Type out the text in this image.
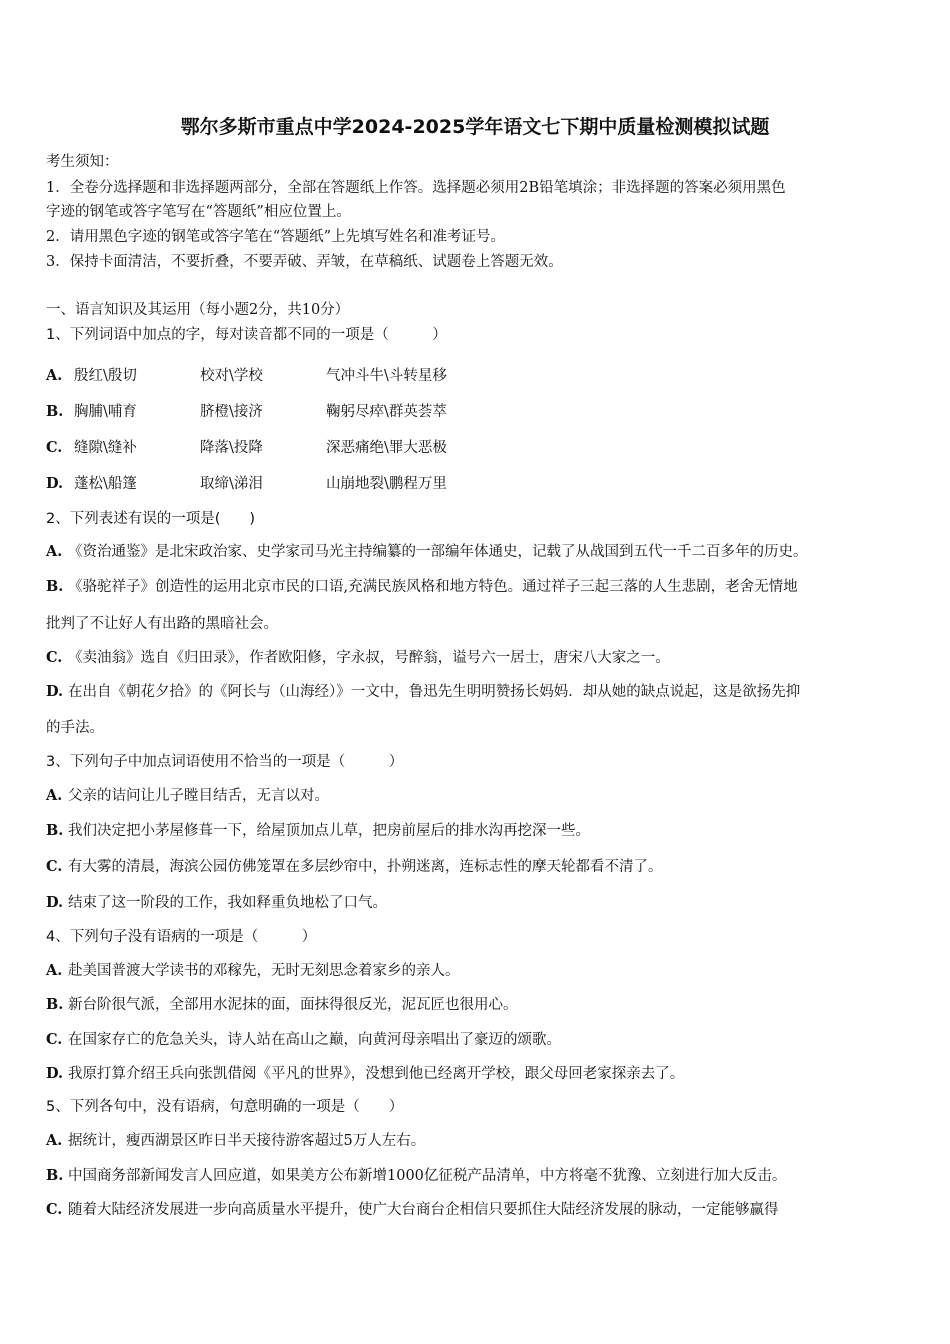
鄂尔多斯市重点中学2024-2025学年语文七下期中质量检测模拟试题
考生须知：
1．全卷分选择题和非选择题两部分，全部在答题纸上作答。选择题必须用2B铅笔填涂；非选择题的答案必须用黑色
字迹的钢笔或答字笔写在“答题纸”相应位置上。
2．请用黑色字迹的钢笔或答字笔在“答题纸”上先填写姓名和准考证号。
3．保持卡面清洁，不要折叠，不要弄破、弄皱，在草稿纸、试题卷上答题无效。
一、语言知识及其运用（每小题2分，共10分）
1、下列词语中加点的字，每对读音都不同的一项是（　　　）
A. 殷红\殷切	校对\学校	气冲斗牛\斗转星移
B. 胸脯\哺育	脐橙\接济	鞠躬尽瘁\群英荟萃
C. 缝隙\缝补	降落\投降	深恶痛绝\罪大恶极
D. 蓬松\船篷	取缔\涕泪	山崩地裂\鹏程万里
2、下列表述有误的一项是(　　)
A. 《资治通鉴》是北宋政治家、史学家司马光主持编纂的一部编年体通史，记载了从战国到五代一千二百多年的历史。
B. 《骆驼祥子》创造性的运用北京市民的口语,充满民族风格和地方特色。通过祥子三起三落的人生悲剧，老舍无情地
批判了不让好人有出路的黑暗社会。
C. 《卖油翁》选自《归田录》，作者欧阳修，字永叔，号醉翁，谥号六一居士，唐宋八大家之一。
D. 在出自《朝花夕拾》的《阿长与（山海经）》一文中，鲁迅先生明明赞扬长妈妈．却从她的缺点说起，这是欲扬先抑
的手法。
3、下列句子中加点词语使用不恰当的一项是（　　　）
A. 父亲的诘问让儿子瞠目结舌，无言以对。
B. 我们决定把小茅屋修葺一下，给屋顶加点儿草，把房前屋后的排水沟再挖深一些。
C. 有大雾的清晨，海滨公园仿佛笼罩在多层纱帘中，扑朔迷离，连标志性的摩天轮都看不清了。
D. 结束了这一阶段的工作，我如释重负地松了口气。
4、下列句子没有语病的一项是（　　　）
A. 赴美国普渡大学读书的邓稼先，无时无刻思念着家乡的亲人。
B. 新台阶很气派，全部用水泥抹的面，面抹得很反光，泥瓦匠也很用心。
C. 在国家存亡的危急关头，诗人站在高山之巅，向黄河母亲唱出了豪迈的颂歌。
D. 我原打算介绍王兵向张凯借阅《平凡的世界》，没想到他已经离开学校，跟父母回老家探亲去了。
5、下列各句中，没有语病，句意明确的一项是（　　）
A. 据统计，瘦西湖景区昨日半天接待游客超过5万人左右。
B. 中国商务部新闻发言人回应道，如果美方公布新增1000亿征税产品清单，中方将毫不犹豫、立刻进行加大反击。
C. 随着大陆经济发展进一步向高质量水平提升，使广大台商台企相信只要抓住大陆经济发展的脉动，一定能够赢得
